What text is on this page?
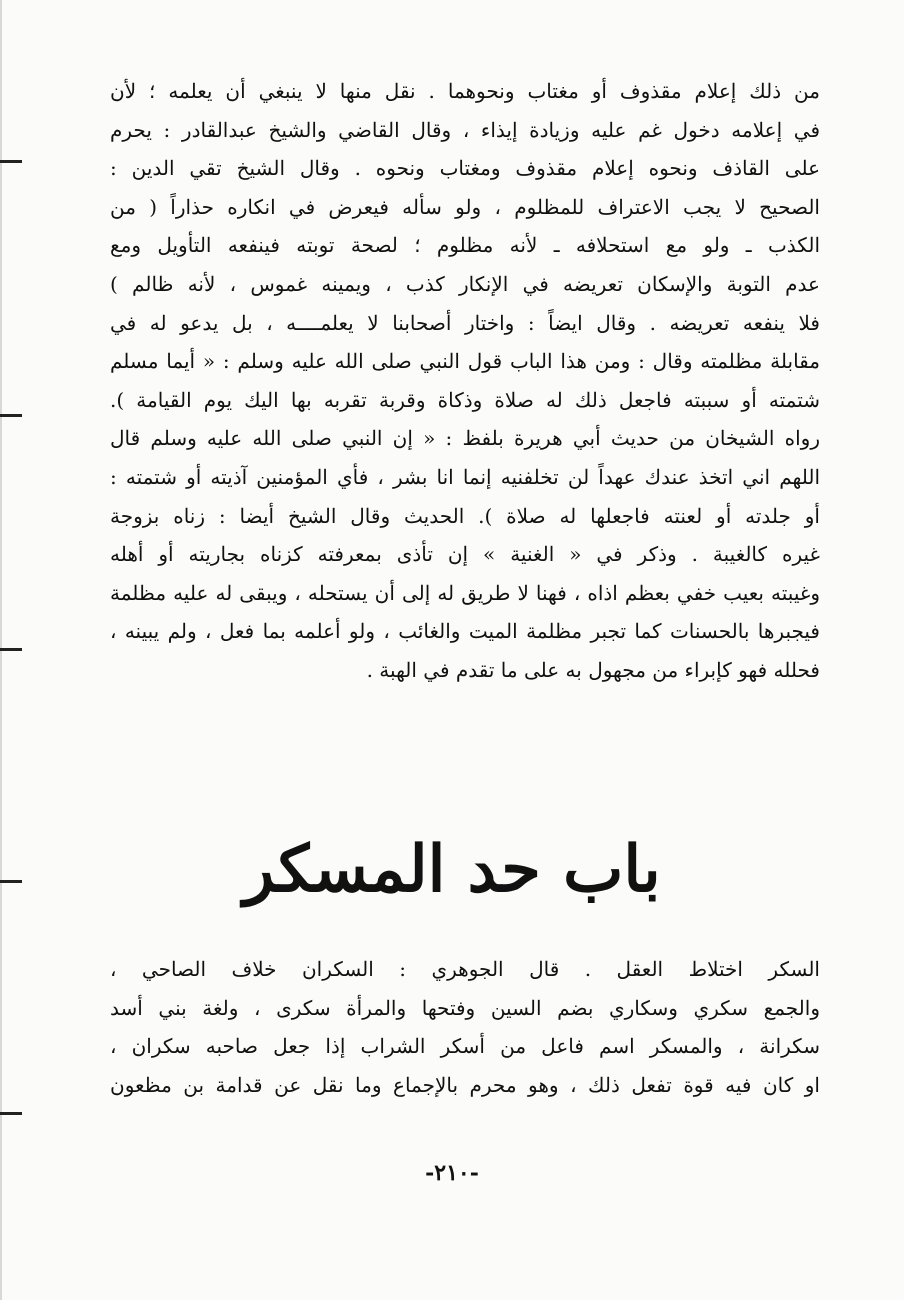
من ذلك إعلام مقذوف أو مغتاب ونحوهما . نقل منها لا ينبغي أن يعلمه ؛ لأن
في إعلامه دخول غم عليه وزيادة إيذاء ، وقال القاضي والشيخ عبدالقادر : يحرم
على القاذف ونحوه إعلام مقذوف ومغتاب ونحوه . وقال الشيخ تقي الدين :
الصحيح لا يجب الاعتراف للمظلوم ، ولو سأله فيعرض في انكاره حذاراً ( من
الكذب ـ ولو مع استحلافه ـ لأنه مظلوم ؛ لصحة توبته فينفعه التأويل ومع
عدم التوبة والإسكان تعريضه في الإنكار كذب ، ويمينه غموس ، لأنه ظالم )
فلا ينفعه تعريضه . وقال ايضاً : واختار أصحابنا لا يعلمــــه ، بل يدعو له في
مقابلة مظلمته وقال : ومن هذا الباب قول النبي صلى الله عليه وسلم : « أيما مسلم
شتمته أو سببته فاجعل ذلك له صلاة وذكاة وقربة تقربه بها اليك يوم القيامة ).
رواه الشيخان من حديث أبي هريرة بلفظ : « إن النبي صلى الله عليه وسلم قال
اللهم اني اتخذ عندك عهداً لن تخلفنيه إنما انا بشر ، فأي المؤمنين آذيته أو شتمته :
أو جلدته أو لعنته فاجعلها له صلاة ). الحديث وقال الشيخ أيضا : زناه بزوجة
غيره كالغيبة . وذكر في « الغنية » إن تأذى بمعرفته كزناه بجاريته أو أهله
وغيبته بعيب خفي بعظم اذاه ، فهنا لا طريق له إلى أن يستحله ، ويبقى له عليه مظلمة
فيجبرها بالحسنات كما تجبر مظلمة الميت والغائب ، ولو أعلمه بما فعل ، ولم يبينه ،
فحلله فهو كإبراء من مجهول به على ما تقدم في الهبة .
باب حد المسكر
السكر اختلاط العقل . قال الجوهري : السكران خلاف الصاحي ،
والجمع سكري وسكاري بضم السين وفتحها والمرأة سكرى ، ولغة بني أسد
سكرانة ، والمسكر اسم فاعل من أسكر الشراب إذا جعل صاحبه سكران ،
او كان فيه قوة تفعل ذلك ، وهو محرم بالإجماع وما نقل عن قدامة بن مظعون
-٢١٠-
